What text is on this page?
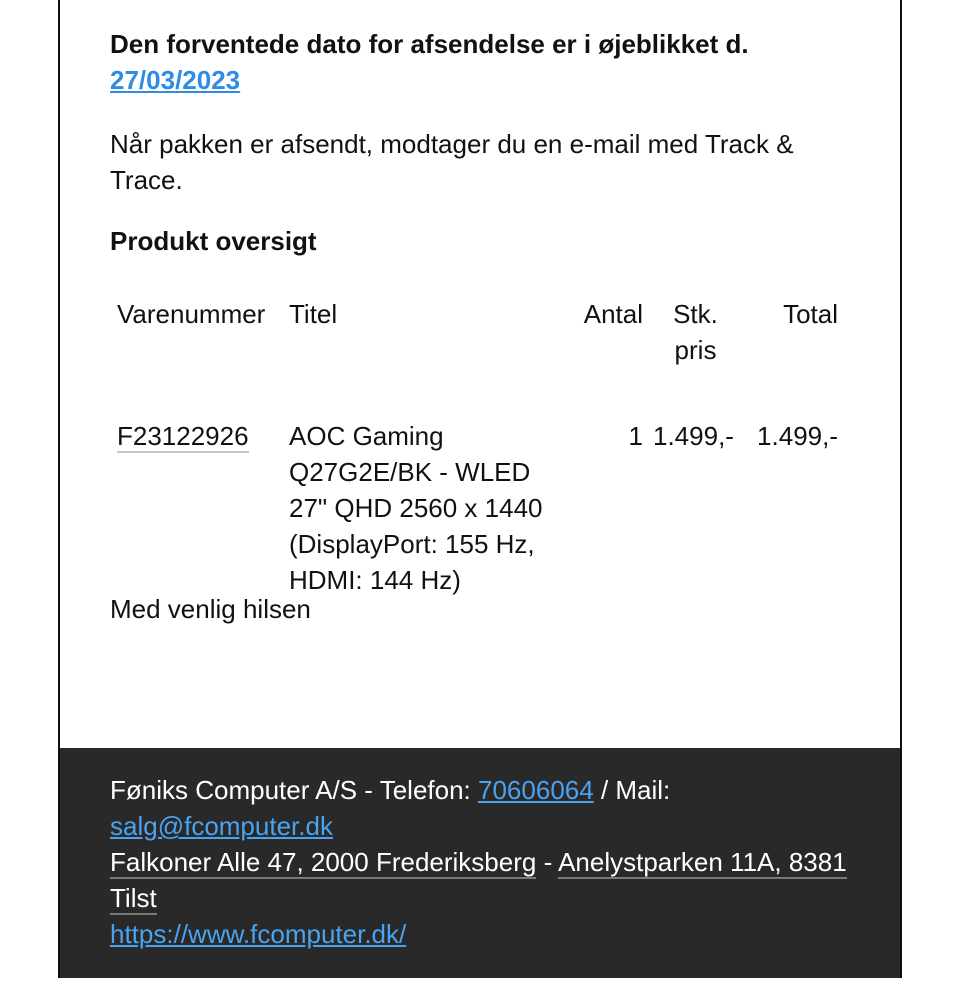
Den forventede dato for afsendelse er i øjeblikket d. 27/03/2023

Når pakken er afsendt, modtager du en e-mail med Track & Trace.

Produkt oversigt
Varenummer	Titel	Antal	Stk. pris	Total
F23122926	AOC Gaming Q27G2E/BK - WLED 27" QHD 2560 x 1440 (DisplayPort: 155 Hz, HDMI: 144 Hz)	1	1.499,-	1.499,-
Med venlig hilsen
Føniks Computer A/S - Telefon: 70606064 / Mail:
salg@fcomputer.dk
Falkoner Alle 47, 2000 Frederiksberg - Anelystparken 11A, 8381 Tilst
https://www.fcomputer.dk/
